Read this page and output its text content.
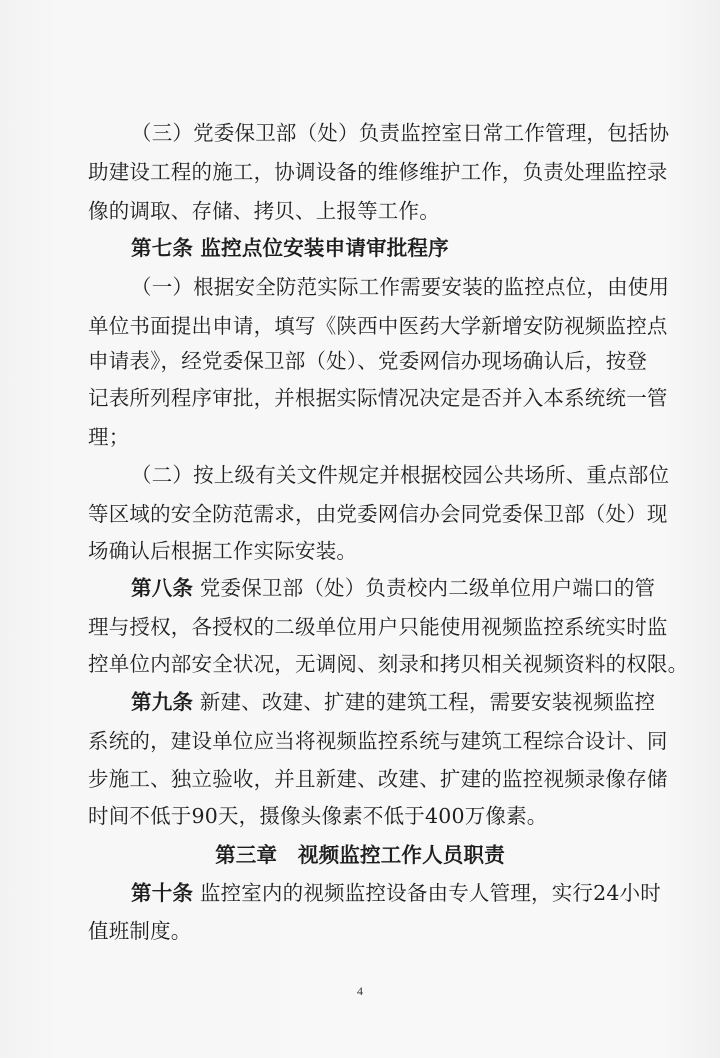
（三）党委保卫部（处）负责监控室日常工作管理，包括协
助建设工程的施工，协调设备的维修维护工作，负责处理监控录
像的调取、存储、拷贝、上报等工作。
第七条 监控点位安装申请审批程序
（一）根据安全防范实际工作需要安装的监控点位，由使用
单位书面提出申请，填写《陕西中医药大学新增安防视频监控点
申请表》，经党委保卫部（处）、党委网信办现场确认后，按登
记表所列程序审批，并根据实际情况决定是否并入本系统统一管
理；
（二）按上级有关文件规定并根据校园公共场所、重点部位
等区域的安全防范需求，由党委网信办会同党委保卫部（处）现
场确认后根据工作实际安装。
第八条 党委保卫部（处）负责校内二级单位用户端口的管
理与授权，各授权的二级单位用户只能使用视频监控系统实时监
控单位内部安全状况，无调阅、刻录和拷贝相关视频资料的权限。
第九条 新建、改建、扩建的建筑工程，需要安装视频监控
系统的，建设单位应当将视频监控系统与建筑工程综合设计、同
步施工、独立验收，并且新建、改建、扩建的监控视频录像存储
时间不低于90天，摄像头像素不低于400万像素。
第三章　视频监控工作人员职责
第十条 监控室内的视频监控设备由专人管理，实行24小时
值班制度。
4
